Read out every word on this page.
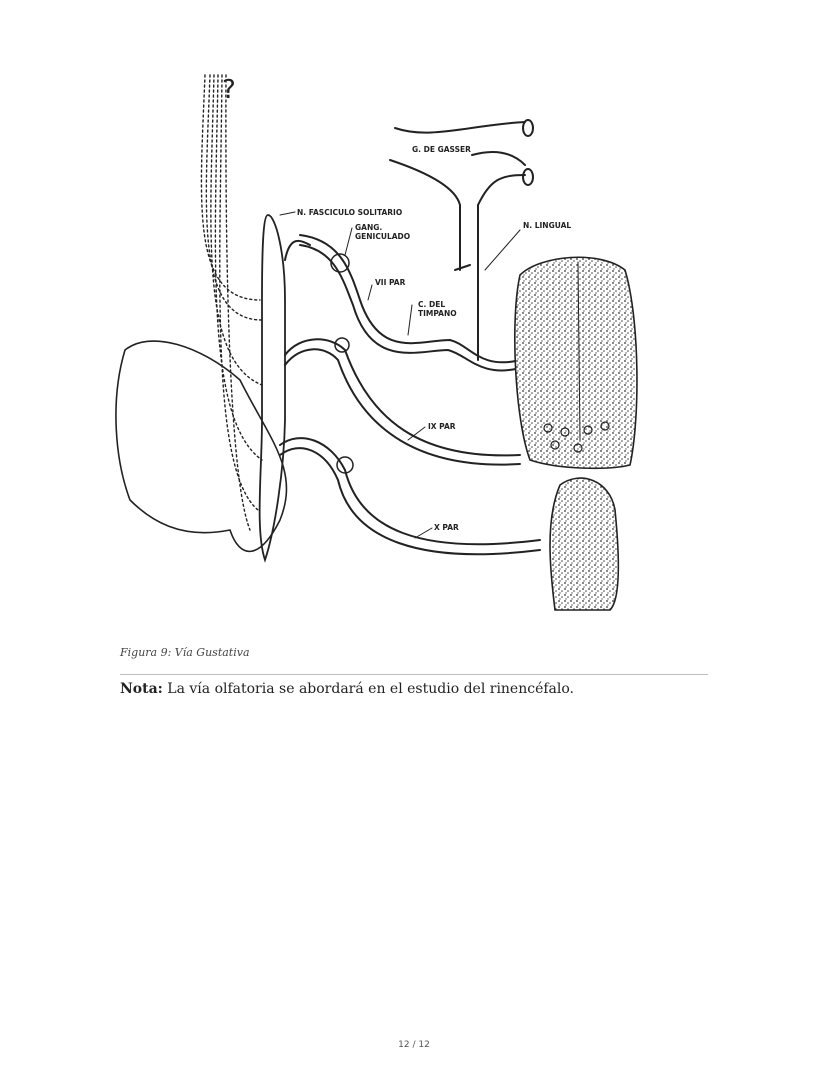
?
G. DE GASSER
N. FASCICULO SOLITARIO
GANG.
GENICULADO
N. LINGUAL
VII PAR
C. DEL
TIMPANO
IX PAR
X PAR
Figura 9: Vía Gustativa
Nota: La vía olfatoria se abordará en el estudio del rinencéfalo.
12 / 12
